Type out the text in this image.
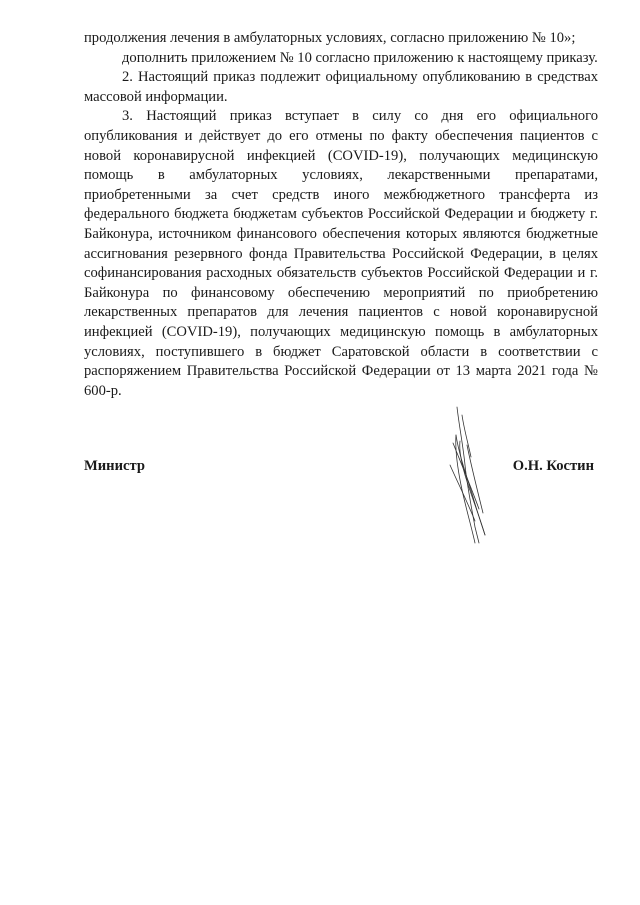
продолжения лечения в амбулаторных условиях, согласно приложению № 10»;

дополнить приложением № 10 согласно приложению к настоящему приказу.

2. Настоящий приказ подлежит официальному опубликованию в средствах массовой информации.

3. Настоящий приказ вступает в силу со дня его официального опубликования и действует до его отмены по факту обеспечения пациентов с новой коронавирусной инфекцией (COVID-19), получающих медицинскую помощь в амбулаторных условиях, лекарственными препаратами, приобретенными за счет средств иного межбюджетного трансферта из федерального бюджета бюджетам субъектов Российской Федерации и бюджету г. Байконура, источником финансового обеспечения которых являются бюджетные ассигнования резервного фонда Правительства Российской Федерации, в целях софинансирования расходных обязательств субъектов Российской Федерации и г. Байконура по финансовому обеспечению мероприятий по приобретению лекарственных препаратов для лечения пациентов с новой коронавирусной инфекцией (COVID-19), получающих медицинскую помощь в амбулаторных условиях, поступившего в бюджет Саратовской области в соответствии с распоряжением Правительства Российской Федерации от 13 марта 2021 года № 600-р.

Министр	О.Н. Костин
